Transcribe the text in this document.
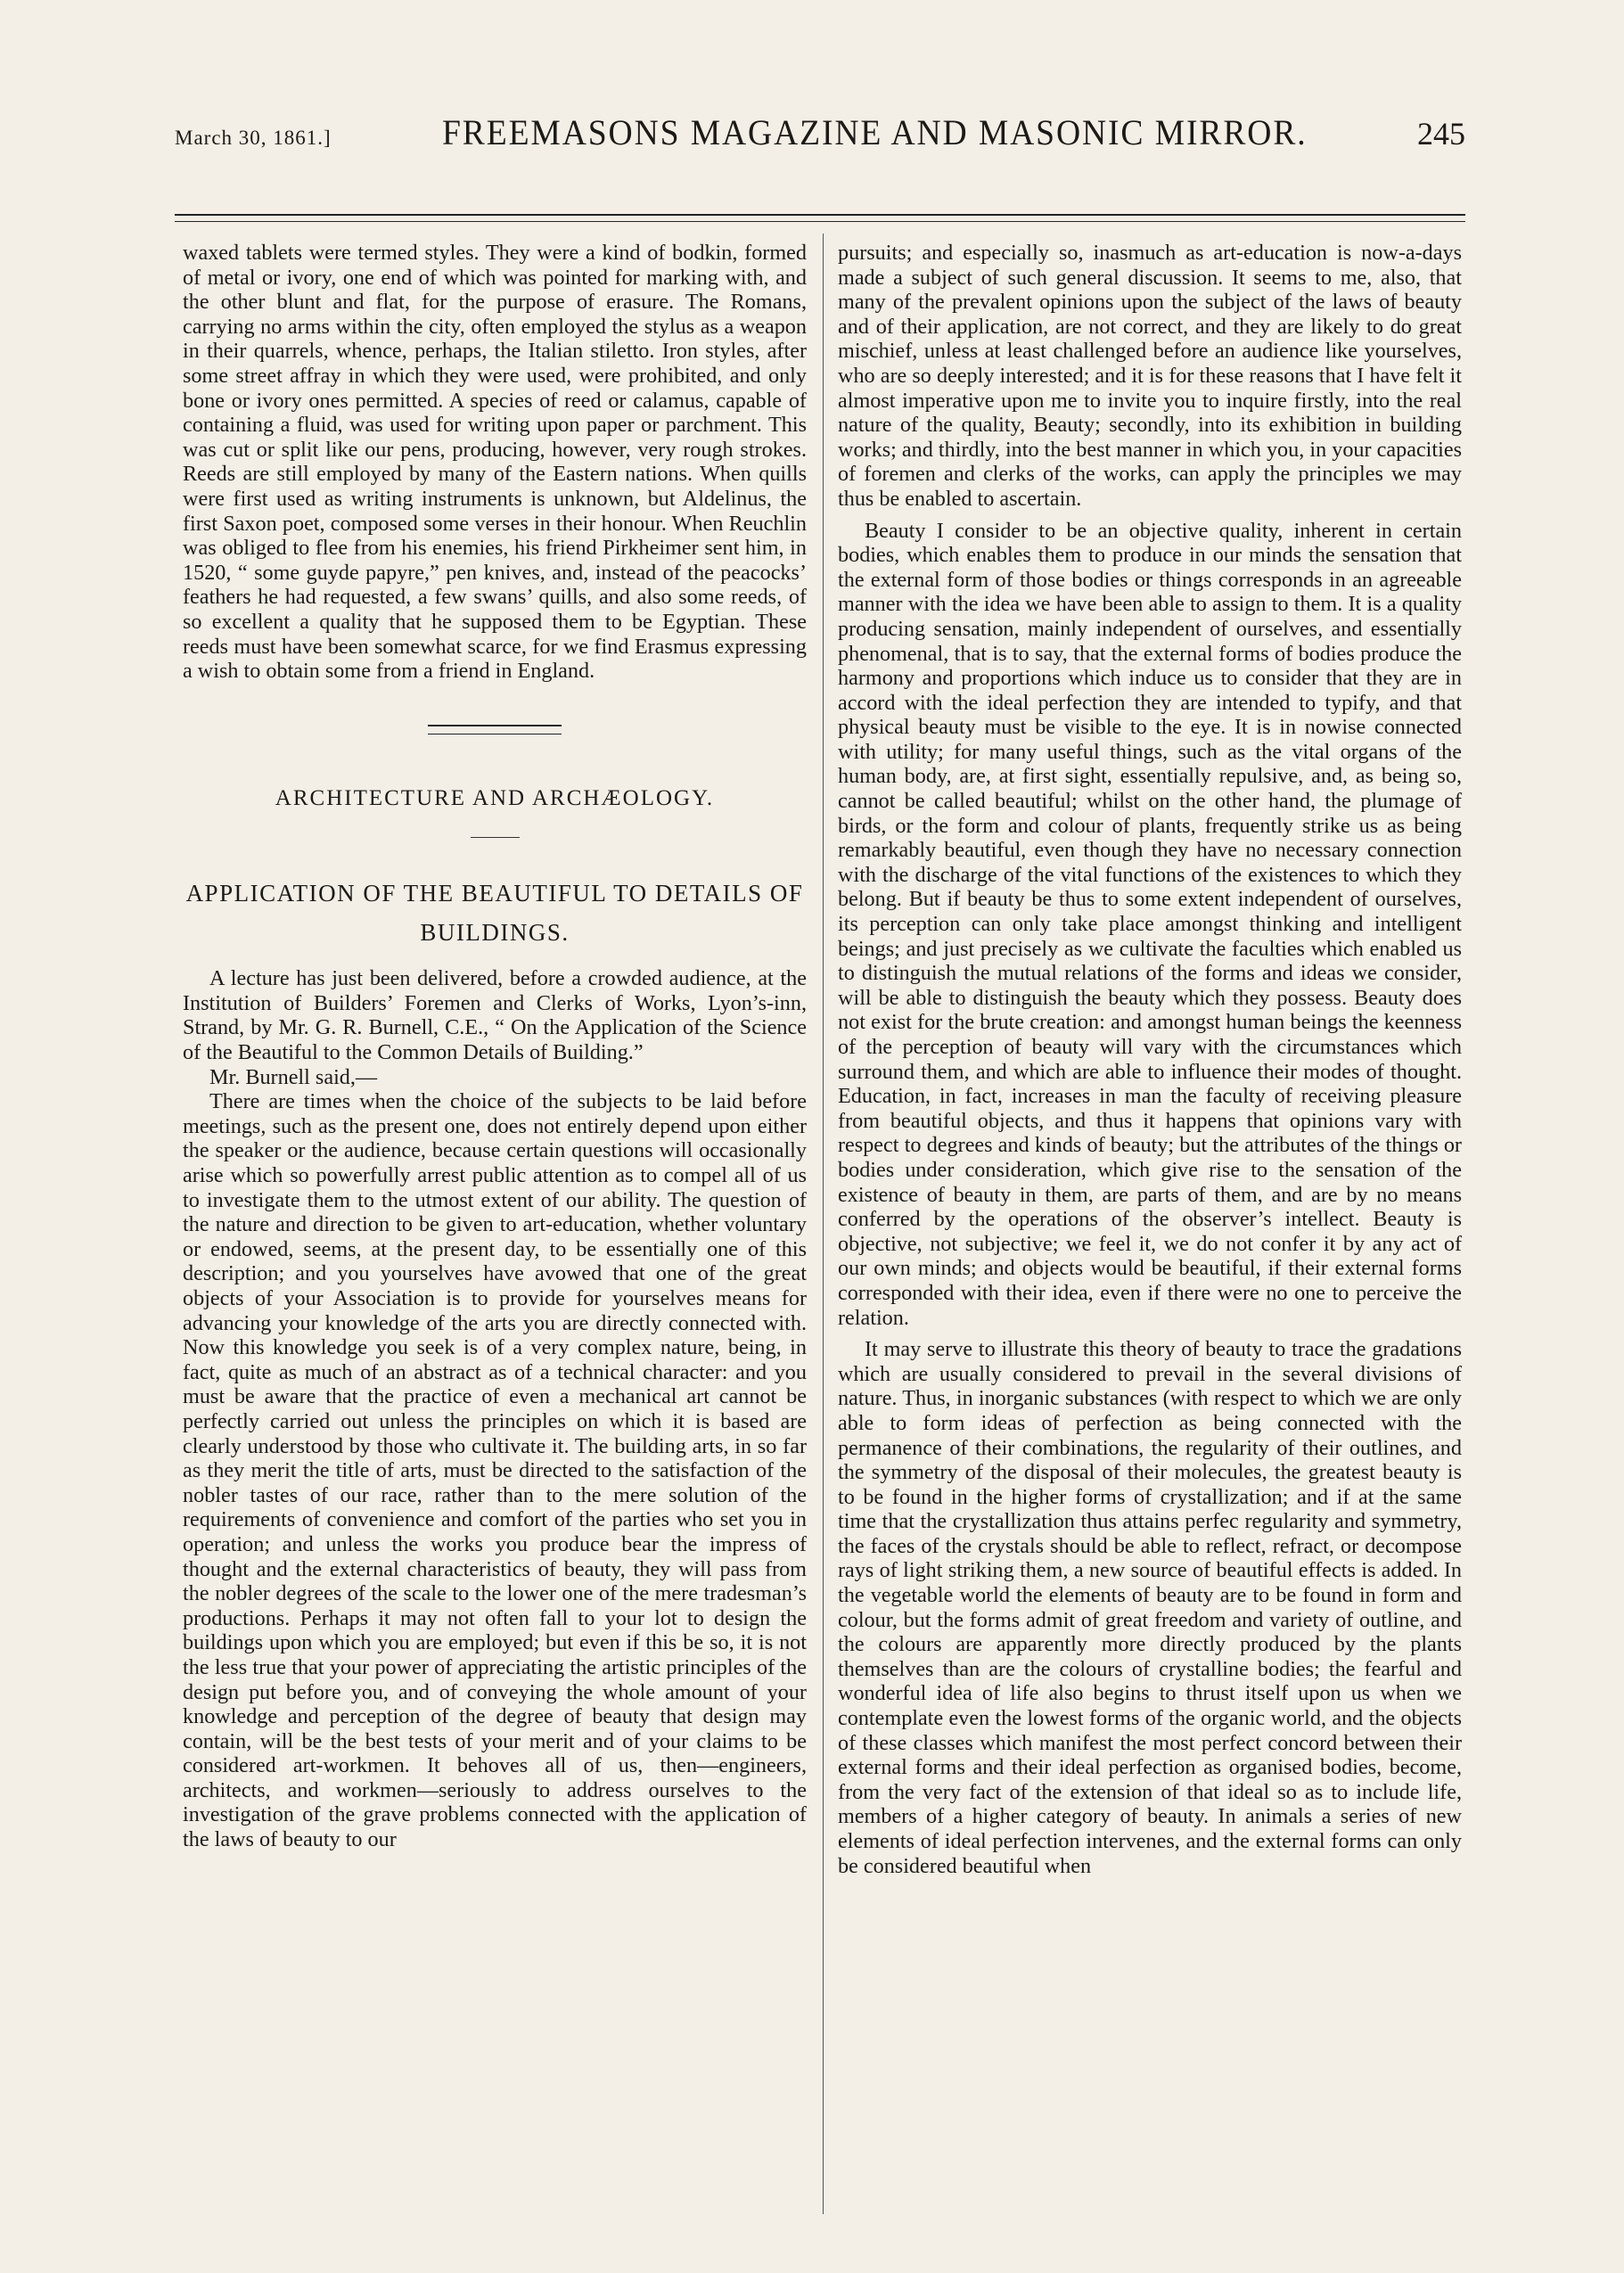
March 30, 1861.]	FREEMASONS MAGAZINE AND MASONIC MIRROR.	245

waxed tablets were termed styles. They were a kind of bodkin, formed of metal or ivory, one end of which was pointed for marking with, and the other blunt and flat, for the purpose of erasure. The Romans, carrying no arms within the city, often employed the stylus as a weapon in their quarrels, whence, perhaps, the Italian stiletto. Iron styles, after some street affray in which they were used, were prohibited, and only bone or ivory ones permitted. A species of reed or calamus, capable of containing a fluid, was used for writing upon paper or parchment. This was cut or split like our pens, producing, however, very rough strokes. Reeds are still employed by many of the Eastern nations. When quills were first used as writing instruments is unknown, but Aldelinus, the first Saxon poet, composed some verses in their honour. When Reuchlin was obliged to flee from his enemies, his friend Pirkheimer sent him, in 1520, “ some guyde papyre,” pen knives, and, instead of the peacocks’ feathers he had requested, a few swans’ quills, and also some reeds, of so excellent a quality that he supposed them to be Egyptian. These reeds must have been somewhat scarce, for we find Erasmus expressing a wish to obtain some from a friend in England.

ARCHITECTURE AND ARCHÆOLOGY.
APPLICATION OF THE BEAUTIFUL TO DETAILS OF BUILDINGS.

A lecture has just been delivered, before a crowded audience, at the Institution of Builders’ Foremen and Clerks of Works, Lyon’s-inn, Strand, by Mr. G. R. Burnell, C.E., “ On the Application of the Science of the Beautiful to the Common Details of Building.”

Mr. Burnell said,—

There are times when the choice of the subjects to be laid before meetings, such as the present one, does not entirely depend upon either the speaker or the audience, because certain questions will occasionally arise which so powerfully arrest public attention as to compel all of us to investigate them to the utmost extent of our ability. The question of the nature and direction to be given to art-education, whether voluntary or endowed, seems, at the present day, to be essentially one of this description; and you yourselves have avowed that one of the great objects of your Association is to provide for yourselves means for advancing your knowledge of the arts you are directly connected with. Now this knowledge you seek is of a very complex nature, being, in fact, quite as much of an abstract as of a technical character: and you must be aware that the practice of even a mechanical art cannot be perfectly carried out unless the principles on which it is based are clearly understood by those who cultivate it. The building arts, in so far as they merit the title of arts, must be directed to the satisfaction of the nobler tastes of our race, rather than to the mere solution of the requirements of convenience and comfort of the parties who set you in operation; and unless the works you produce bear the impress of thought and the external characteristics of beauty, they will pass from the nobler degrees of the scale to the lower one of the mere tradesman’s productions. Perhaps it may not often fall to your lot to design the buildings upon which you are employed; but even if this be so, it is not the less true that your power of appreciating the artistic principles of the design put before you, and of conveying the whole amount of your knowledge and perception of the degree of beauty that design may contain, will be the best tests of your merit and of your claims to be considered art-workmen. It behoves all of us, then—engineers, architects, and workmen—seriously to address ourselves to the investigation of the grave problems connected with the application of the laws of beauty to our

pursuits; and especially so, inasmuch as art-education is now-a-days made a subject of such general discussion. It seems to me, also, that many of the prevalent opinions upon the subject of the laws of beauty and of their application, are not correct, and they are likely to do great mischief, unless at least challenged before an audience like yourselves, who are so deeply interested; and it is for these reasons that I have felt it almost imperative upon me to invite you to inquire firstly, into the real nature of the quality, Beauty; secondly, into its exhibition in building works; and thirdly, into the best manner in which you, in your capacities of foremen and clerks of the works, can apply the principles we may thus be enabled to ascertain.

Beauty I consider to be an objective quality, inherent in certain bodies, which enables them to produce in our minds the sensation that the external form of those bodies or things corresponds in an agreeable manner with the idea we have been able to assign to them. It is a quality producing sensation, mainly independent of ourselves, and essentially phenomenal, that is to say, that the external forms of bodies produce the harmony and proportions which induce us to consider that they are in accord with the ideal perfection they are intended to typify, and that physical beauty must be visible to the eye. It is in nowise connected with utility; for many useful things, such as the vital organs of the human body, are, at first sight, essentially repulsive, and, as being so, cannot be called beautiful; whilst on the other hand, the plumage of birds, or the form and colour of plants, frequently strike us as being remarkably beautiful, even though they have no necessary connection with the discharge of the vital functions of the existences to which they belong. But if beauty be thus to some extent independent of ourselves, its perception can only take place amongst thinking and intelligent beings; and just precisely as we cultivate the faculties which enabled us to distinguish the mutual relations of the forms and ideas we consider, will be able to distinguish the beauty which they possess. Beauty does not exist for the brute creation: and amongst human beings the keenness of the perception of beauty will vary with the circumstances which surround them, and which are able to influence their modes of thought. Education, in fact, increases in man the faculty of receiving pleasure from beautiful objects, and thus it happens that opinions vary with respect to degrees and kinds of beauty; but the attributes of the things or bodies under consideration, which give rise to the sensation of the existence of beauty in them, are parts of them, and are by no means conferred by the operations of the observer’s intellect. Beauty is objective, not subjective; we feel it, we do not confer it by any act of our own minds; and objects would be beautiful, if their external forms corresponded with their idea, even if there were no one to perceive the relation.

It may serve to illustrate this theory of beauty to trace the gradations which are usually considered to prevail in the several divisions of nature. Thus, in inorganic substances (with respect to which we are only able to form ideas of perfection as being connected with the permanence of their combinations, the regularity of their outlines, and the symmetry of the disposal of their molecules, the greatest beauty is to be found in the higher forms of crystallization; and if at the same time that the crystallization thus attains perfec regularity and symmetry, the faces of the crystals should be able to reflect, refract, or decompose rays of light striking them, a new source of beautiful effects is added. In the vegetable world the elements of beauty are to be found in form and colour, but the forms admit of great freedom and variety of outline, and the colours are apparently more directly produced by the plants themselves than are the colours of crystalline bodies; the fearful and wonderful idea of life also begins to thrust itself upon us when we contemplate even the lowest forms of the organic world, and the objects of these classes which manifest the most perfect concord between their external forms and their ideal perfection as organised bodies, become, from the very fact of the extension of that ideal so as to include life, members of a higher category of beauty. In animals a series of new elements of ideal perfection intervenes, and the external forms can only be considered beautiful when
